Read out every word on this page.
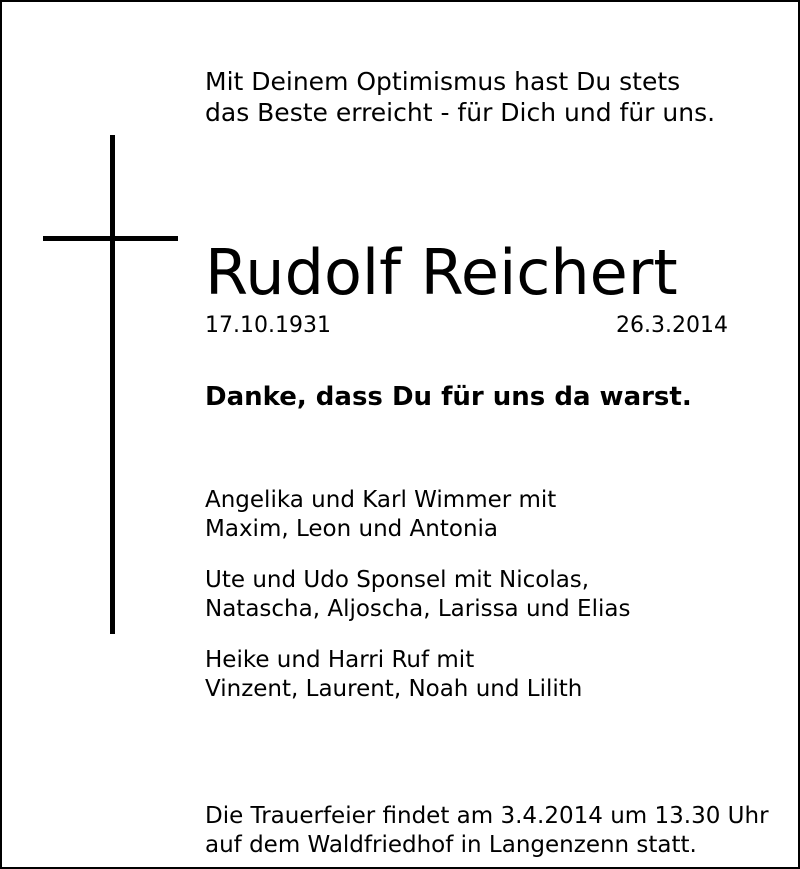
Mit Deinem Optimismus hast Du stets
das Beste erreicht - für Dich und für uns.
Rudolf Reichert
17.10.1931	26.3.2014
Danke, dass Du für uns da warst.
Angelika und Karl Wimmer mit
Maxim, Leon und Antonia
Ute und Udo Sponsel mit Nicolas,
Natascha, Aljoscha, Larissa und Elias
Heike und Harri Ruf mit
Vinzent, Laurent, Noah und Lilith
Die Trauerfeier findet am 3.4.2014 um 13.30 Uhr
auf dem Waldfriedhof in Langenzenn statt.
